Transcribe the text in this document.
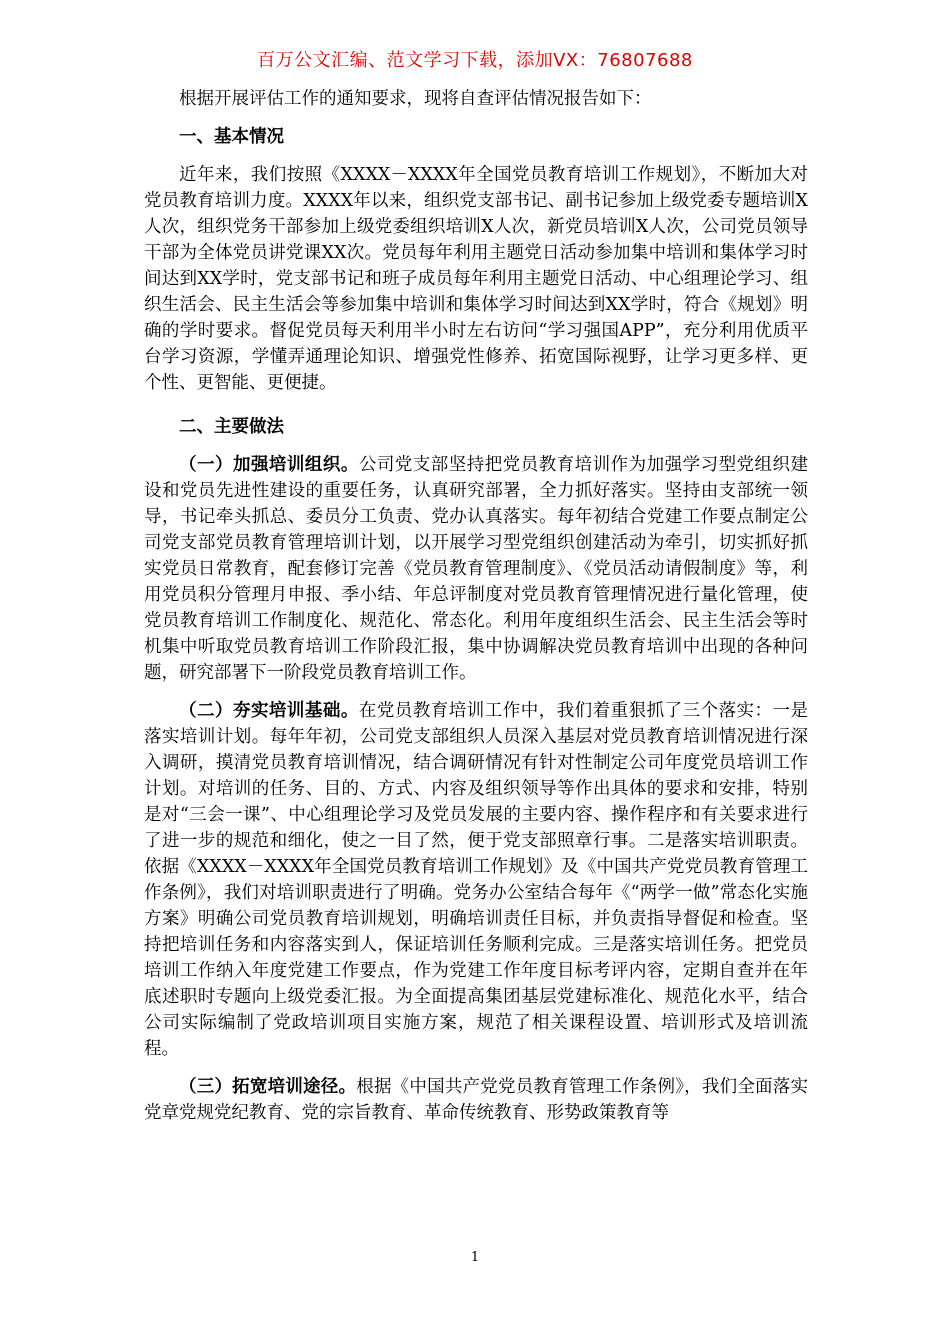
百万公文汇编、范文学习下载，添加VX：76807688

根据开展评估工作的通知要求，现将自查评估情况报告如下：

一、基本情况

近年来，我们按照《XXXX－XXXX年全国党员教育培训工作规划》，不断加大对党员教育培训力度。XXXX年以来，组织党支部书记、副书记参加上级党委专题培训X人次，组织党务干部参加上级党委组织培训X人次，新党员培训X人次，公司党员领导干部为全体党员讲党课XX次。党员每年利用主题党日活动参加集中培训和集体学习时间达到XX学时，党支部书记和班子成员每年利用主题党日活动、中心组理论学习、组织生活会、民主生活会等参加集中培训和集体学习时间达到XX学时，符合《规划》明确的学时要求。督促党员每天利用半小时左右访问“学习强国APP”，充分利用优质平台学习资源，学懂弄通理论知识、增强党性修养、拓宽国际视野，让学习更多样、更个性、更智能、更便捷。

二、主要做法

（一）加强培训组织。公司党支部坚持把党员教育培训作为加强学习型党组织建设和党员先进性建设的重要任务，认真研究部署，全力抓好落实。坚持由支部统一领导，书记牵头抓总、委员分工负责、党办认真落实。每年初结合党建工作要点制定公司党支部党员教育管理培训计划，以开展学习型党组织创建活动为牵引，切实抓好抓实党员日常教育，配套修订完善《党员教育管理制度》、《党员活动请假制度》等，利用党员积分管理月申报、季小结、年总评制度对党员教育管理情况进行量化管理，使党员教育培训工作制度化、规范化、常态化。利用年度组织生活会、民主生活会等时机集中听取党员教育培训工作阶段汇报，集中协调解决党员教育培训中出现的各种问题，研究部署下一阶段党员教育培训工作。

（二）夯实培训基础。在党员教育培训工作中，我们着重狠抓了三个落实：一是落实培训计划。每年年初，公司党支部组织人员深入基层对党员教育培训情况进行深入调研，摸清党员教育培训情况，结合调研情况有针对性制定公司年度党员培训工作计划。对培训的任务、目的、方式、内容及组织领导等作出具体的要求和安排，特别是对“三会一课”、中心组理论学习及党员发展的主要内容、操作程序和有关要求进行了进一步的规范和细化，使之一目了然，便于党支部照章行事。二是落实培训职责。依据《XXXX－XXXX年全国党员教育培训工作规划》及《中国共产党党员教育管理工作条例》，我们对培训职责进行了明确。党务办公室结合每年《“两学一做”常态化实施方案》明确公司党员教育培训规划，明确培训责任目标，并负责指导督促和检查。坚持把培训任务和内容落实到人，保证培训任务顺利完成。三是落实培训任务。把党员培训工作纳入年度党建工作要点，作为党建工作年度目标考评内容，定期自查并在年底述职时专题向上级党委汇报。为全面提高集团基层党建标准化、规范化水平，结合公司实际编制了党政培训项目实施方案，规范了相关课程设置、培训形式及培训流程。

（三）拓宽培训途径。根据《中国共产党党员教育管理工作条例》，我们全面落实党章党规党纪教育、党的宗旨教育、革命传统教育、形势政策教育等

1
